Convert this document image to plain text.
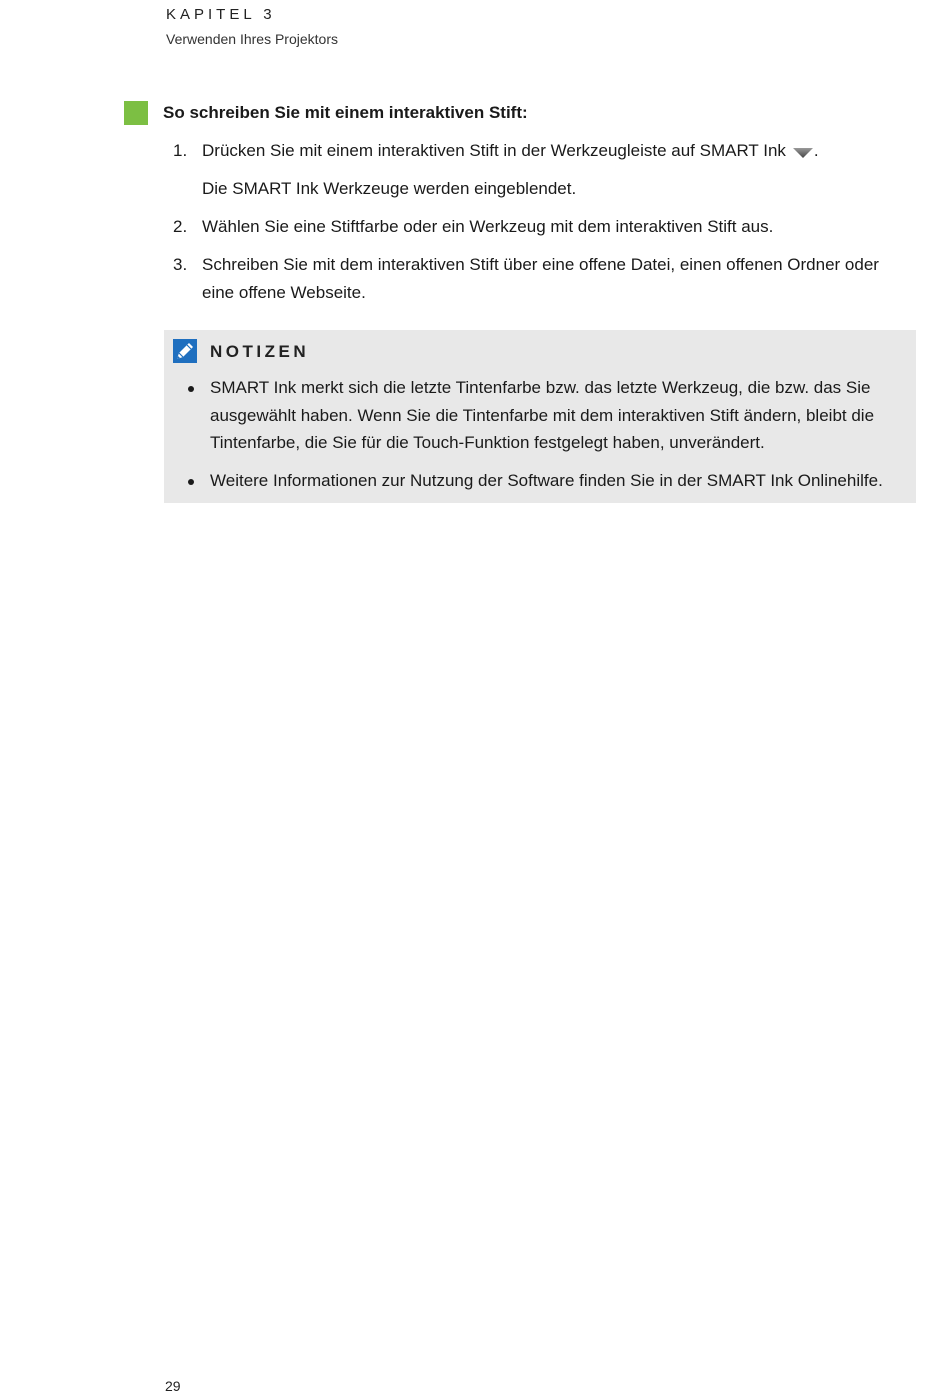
KAPITEL 3
Verwenden Ihres Projektors
So schreiben Sie mit einem interaktiven Stift:
1. Drücken Sie mit einem interaktiven Stift in der Werkzeugleiste auf SMART Ink .
Die SMART Ink Werkzeuge werden eingeblendet.
2. Wählen Sie eine Stiftfarbe oder ein Werkzeug mit dem interaktiven Stift aus.
3. Schreiben Sie mit dem interaktiven Stift über eine offene Datei, einen offenen Ordner oder eine offene Webseite.
NOTIZEN
SMART Ink merkt sich die letzte Tintenfarbe bzw. das letzte Werkzeug, die bzw. das Sie ausgewählt haben. Wenn Sie die Tintenfarbe mit dem interaktiven Stift ändern, bleibt die Tintenfarbe, die Sie für die Touch-Funktion festgelegt haben, unverändert.
Weitere Informationen zur Nutzung der Software finden Sie in der SMART Ink Onlinehilfe.
29
